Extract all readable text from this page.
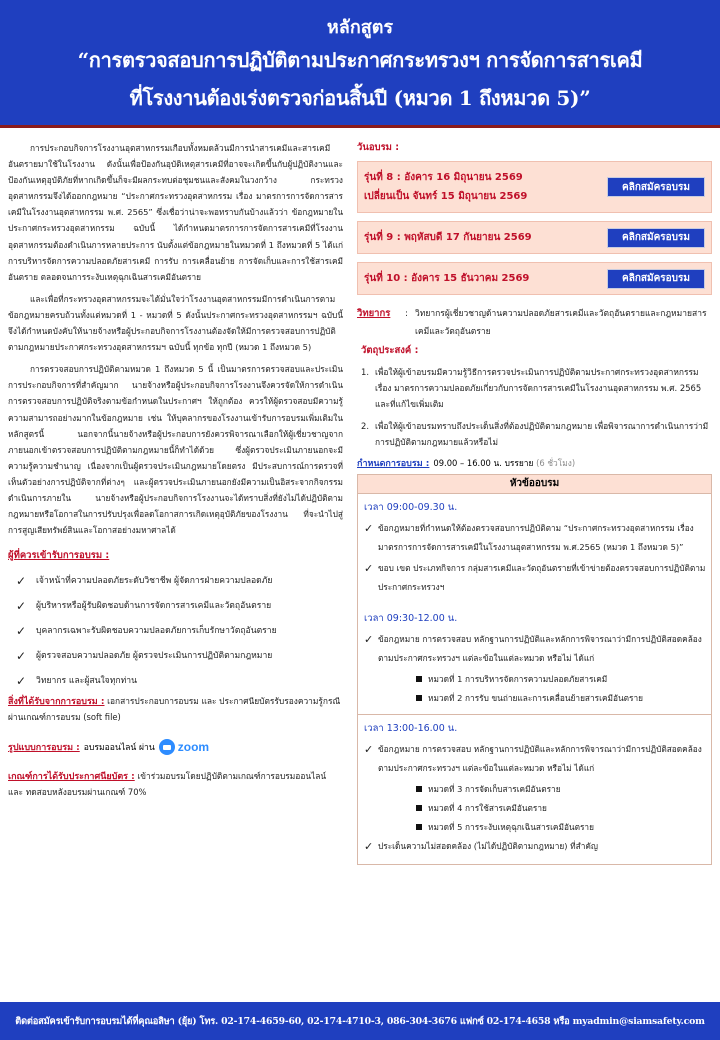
หลักสูตร
“การตรวจสอบการปฏิบัติตามประกาศกระทรวงฯ การจัดการสารเคมี
ที่โรงงานต้องเร่งตรวจก่อนสิ้นปี (หมวด 1 ถึงหมวด 5)”

การประกอบกิจการโรงงานอุตสาหกรรมเกือบทั้งหมดล้วนมีการนำสารเคมีและสารเคมีอันตรายมาใช้ในโรงงาน ดังนั้นเพื่อป้องกันอุบัติเหตุสารเคมีที่อาจจะเกิดขึ้นกับผู้ปฏิบัติงานและป้องกันเหตุอุบัติภัยที่หากเกิดขึ้นก็จะมีผลกระทบต่อชุมชนและสังคมในวงกว้าง กระทรวงอุตสาหกรรมจึงได้ออกกฎหมาย “ประกาศกระทรวงอุตสาหกรรม เรื่อง มาตรการการจัดการสารเคมีในโรงงานอุตสาหกรรม พ.ศ. 2565” ซึ่งเชื่อว่าน่าจะพอทราบกันบ้างแล้วว่า ข้อกฎหมายในประกาศกระทรวงอุตสาหกรรม ฉบับนี้ ได้กำหนดมาตรการการจัดการสารเคมีที่โรงงานอุตสาหกรรมต้องดำเนินการหลายประการ นับตั้งแต่ข้อกฎหมายในหมวดที่ 1 ถึงหมวดที่ 5 ได้แก่ การบริหารจัดการความปลอดภัยสารเคมี การรับ การเคลื่อนย้าย การจัดเก็บและการใช้สารเคมีอันตราย ตลอดจนการระงับเหตุฉุกเฉินสารเคมีอันตราย

และเพื่อที่กระทรวงอุตสาหกรรมจะได้มั่นใจว่าโรงงานอุตสาหกรรมมีการดำเนินการตามข้อกฎหมายครบถ้วนทั้งแต่หมวดที่ 1 - หมวดที่ 5 ดังนั้นประกาศกระทรวงอุตสาหกรรมฯ ฉบับนี้จึงได้กำหนดบังคับให้นายจ้างหรือผู้ประกอบกิจการโรงงานต้องจัดให้มีการตรวจสอบการปฏิบัติตามกฎหมายประกาศกระทรวงอุตสาหกรรมฯ ฉบับนี้ ทุกข้อ ทุกปี (หมวด 1 ถึงหมวด 5)

การตรวจสอบการปฏิบัติตามหมวด 1 ถึงหมวด 5 นี้ เป็นมาตรการตรวจสอบและประเมินการประกอบกิจการที่สำคัญมาก นายจ้างหรือผู้ประกอบกิจการโรงงานจึงควรจัดให้การดำเนินการตรวจสอบการปฏิบัติจริงตามข้อกำหนดในประกาศฯ ให้ถูกต้อง ควรให้ผู้ตรวจสอบมีความรู้ความสามารถอย่างมากในข้อกฎหมาย เช่น ให้บุคลากรของโรงงานเข้ารับการอบรมเพิ่มเติมในหลักสูตรนี้ นอกจากนี้นายจ้างหรือผู้ประกอบการยังควรพิจารณาเลือกให้ผู้เชี่ยวชาญจากภายนอกเข้าตรวจสอบการปฏิบัติตามกฎหมายนี้ก็ทำได้ด้วย ซึ่งผู้ตรวจประเมินภายนอกจะมีความรู้ความชำนาญ เนื่องจากเป็นผู้ตรวจประเมินกฎหมายโดยตรง มีประสบการณ์การตรวจที่เห็นตัวอย่างการปฏิบัติจากที่ต่างๆ และผู้ตรวจประเมินภายนอกยังมีความเป็นอิสระจากกิจกรรมดำเนินการภายใน นายจ้างหรือผู้ประกอบกิจการโรงงานจะได้ทราบสิ่งที่ยังไม่ได้ปฏิบัติตามกฎหมายหรือโอกาสในการปรับปรุงเพื่อลดโอกาสการเกิดเหตุอุบัติภัยของโรงงาน ที่จะนำไปสู่การสูญเสียทรัพย์สินและโอกาสอย่างมหาศาลได้

ผู้ที่ควรเข้ารับการอบรม :
✓ เจ้าหน้าที่ความปลอดภัยระดับวิชาชีพ ผู้จัดการฝ่ายความปลอดภัย
✓ ผู้บริหารหรือผู้รับผิดชอบด้านการจัดการสารเคมีและวัตถุอันตราย
✓ บุคลากรเฉพาะรับผิดชอบความปลอดภัยการเก็บรักษาวัตถุอันตราย
✓ ผู้ตรวจสอบความปลอดภัย ผู้ตรวจประเมินการปฏิบัติตามกฎหมาย
✓ วิทยากร และผู้สนใจทุกท่าน
สิ่งที่ได้รับจากการอบรม : เอกสารประกอบการอบรม และ ประกาศนียบัตรรับรองความรู้กรณีผ่านเกณฑ์การอบรม (soft file)
รูปแบบการอบรม : อบรมออนไลน์ ผ่าน zoom
เกณฑ์การได้รับประกาศนียบัตร : เข้าร่วมอบรมโดยปฏิบัติตามเกณฑ์การอบรมออนไลน์ และ ทดสอบหลังอบรมผ่านเกณฑ์ 70%
วันอบรม :
รุ่นที่ 8 : อังคาร 16 มิถุนายน 2569
เปลี่ยนเป็น จันทร์ 15 มิถุนายน 2569
คลิกสมัครอบรม
รุ่นที่ 9 : พฤหัสบดี 17 กันยายน 2569	คลิกสมัครอบรม
รุ่นที่ 10 : อังคาร 15 ธันวาคม 2569	คลิกสมัครอบรม
วิทยากร	: วิทยากรผู้เชี่ยวชาญด้านความปลอดภัยสารเคมีและวัตถุอันตรายและกฎหมายสารเคมีและวัตถุอันตราย
วัตถุประสงค์ :
1. เพื่อให้ผู้เข้าอบรมมีความรู้วิธีการตรวจประเมินการปฏิบัติตามประกาศกระทรวงอุตสาหกรรม เรื่อง มาตรการความปลอดภัยเกี่ยวกับการจัดการสารเคมีในโรงงานอุตสาหกรรม พ.ศ. 2565 และที่แก้ไขเพิ่มเติม
2. เพื่อให้ผู้เข้าอบรมทราบถึงประเด็นสิ่งที่ต้องปฏิบัติตามกฎหมาย เพื่อพิจารณาการดำเนินการว่ามีการปฏิบัติตามกฎหมายแล้วหรือไม่
กำหนดการอบรม : 09.00 – 16.00 น. บรรยาย
(6 ชั่วโมง)
หัวข้ออบรม
เวลา 09:00-09.30 น.
✓ ข้อกฎหมายที่กำหนดให้ต้องตรวจสอบการปฏิบัติตาม “ประกาศกระทรวงอุตสาหกรรม เรื่อง มาตรการการจัดการสารเคมีในโรงงานอุตสาหกรรม พ.ศ.2565 (หมวด 1 ถึงหมวด 5)”
✓ ขอบ เขต ประเภทกิจการ กลุ่มสารเคมีและวัตถุอันตรายที่เข้าข่ายต้องตรวจสอบการปฏิบัติตามประกาศกระทรวงฯ
เวลา 09:30-12.00 น.
✓ ข้อกฎหมาย การตรวจสอบ หลักฐานการปฏิบัติและหลักการพิจารณาว่ามีการปฏิบัติสอดคล้องตามประกาศกระทรวงฯ แต่ละข้อในแต่ละหมวด หรือไม่ ได้แก่
หมวดที่ 1 การบริหารจัดการความปลอดภัยสารเคมี
หมวดที่ 2 การรับ ขนถ่ายและการเคลื่อนย้ายสารเคมีอันตราย
เวลา 13:00-16.00 น.
✓ ข้อกฎหมาย การตรวจสอบ หลักฐานการปฏิบัติและหลักการพิจารณาว่ามีการปฏิบัติสอดคล้องตามประกาศกระทรวงฯ แต่ละข้อในแต่ละหมวด หรือไม่ ได้แก่
หมวดที่ 3 การจัดเก็บสารเคมีอันตราย
หมวดที่ 4 การใช้สารเคมีอันตราย
หมวดที่ 5 การระงับเหตุฉุกเฉินสารเคมีอันตราย
✓ ประเด็นความไม่สอดคล้อง (ไม่ได้ปฏิบัติตามกฎหมาย) ที่สำคัญ
ติดต่อสมัครเข้ารับการอบรมได้ที่คุณอลิษา (ยุ้ย) โทร. 02-174-4659-60, 02-174-4710-3, 086-304-3676 แฟกซ์ 02-174-4658 หรือ myadmin@siamsafety.com
